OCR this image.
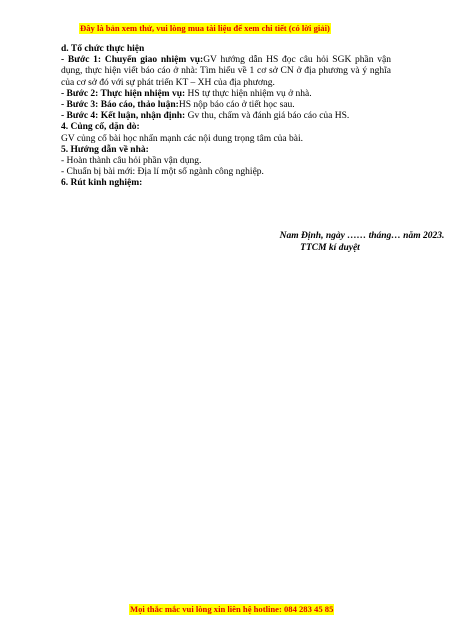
Đây là bản xem thử, vui lòng mua tài liệu để xem chi tiết (có lời giải)

d. Tổ chức thực hiện

- Bước 1: Chuyển giao nhiệm vụ:GV hướng dẫn HS đọc câu hỏi SGK phần vận dụng, thực hiện viết báo cáo ở nhà: Tìm hiểu về 1 cơ sở CN ở địa phương và ý nghĩa của cơ sở đó với sự phát triển KT – XH của địa phương.

- Bước 2: Thực hiện nhiệm vụ: HS tự thực hiện nhiệm vụ ở nhà.

- Bước 3: Báo cáo, thảo luận:HS nộp báo cáo ở tiết học sau.

- Bước 4: Kết luận, nhận định: Gv thu, chấm và đánh giá báo cáo của HS.

4. Củng cố, dặn dò:

GV củng cố bài học nhấn mạnh các nội dung trọng tâm của bài.

5. Hướng dẫn về nhà:

- Hoàn thành câu hỏi phần vận dụng.

- Chuẩn bị bài mới: Địa lí một số ngành công nghiệp.

6. Rút kinh nghiệm:

Nam Định, ngày …… tháng… năm 2023.

TTCM kí duyệt

Mọi thắc mắc vui lòng xin liên hệ hotline: 084 283 45 85
